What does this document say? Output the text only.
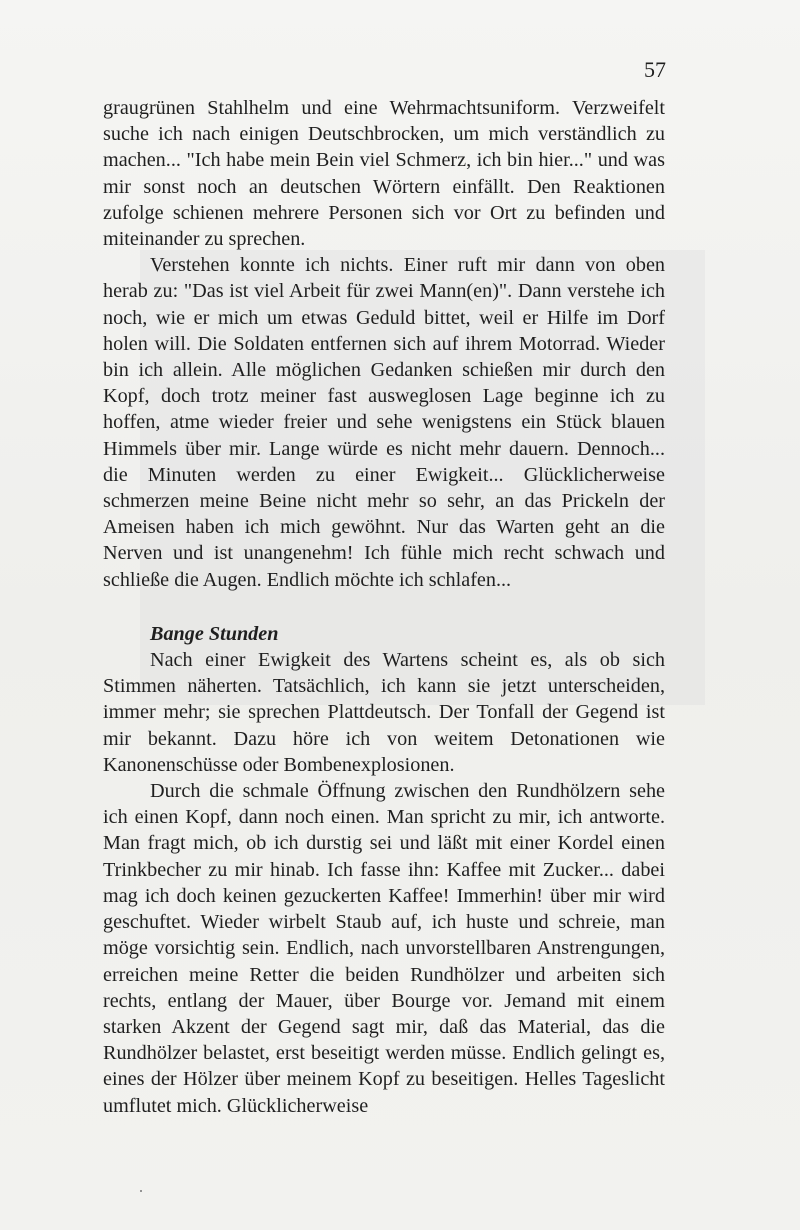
57

graugrünen Stahlhelm und eine Wehrmachtsuniform. Verzweifelt suche ich nach einigen Deutschbrocken, um mich verständlich zu machen... "Ich habe mein Bein viel Schmerz, ich bin hier..." und was mir sonst noch an deutschen Wörtern einfällt. Den Reaktionen zufolge schienen mehrere Personen sich vor Ort zu befinden und miteinander zu sprechen.

Verstehen konnte ich nichts. Einer ruft mir dann von oben herab zu: "Das ist viel Arbeit für zwei Mann(en)". Dann verstehe ich noch, wie er mich um etwas Geduld bittet, weil er Hilfe im Dorf holen will. Die Soldaten entfernen sich auf ihrem Motorrad. Wieder bin ich allein. Alle möglichen Gedanken schießen mir durch den Kopf, doch trotz meiner fast ausweglosen Lage beginne ich zu hoffen, atme wieder freier und sehe wenigstens ein Stück blauen Himmels über mir. Lange würde es nicht mehr dauern. Dennoch... die Minuten werden zu einer Ewigkeit... Glücklicherweise schmerzen meine Beine nicht mehr so sehr, an das Prickeln der Ameisen haben ich mich gewöhnt. Nur das Warten geht an die Nerven und ist unangenehm! Ich fühle mich recht schwach und schließe die Augen. Endlich möchte ich schlafen...

Bange Stunden

Nach einer Ewigkeit des Wartens scheint es, als ob sich Stimmen näherten. Tatsächlich, ich kann sie jetzt unterscheiden, immer mehr; sie sprechen Plattdeutsch. Der Tonfall der Gegend ist mir bekannt. Dazu höre ich von weitem Detonationen wie Kanonenschüsse oder Bombenexplosionen.

Durch die schmale Öffnung zwischen den Rundhölzern sehe ich einen Kopf, dann noch einen. Man spricht zu mir, ich antworte. Man fragt mich, ob ich durstig sei und läßt mit einer Kordel einen Trinkbecher zu mir hinab. Ich fasse ihn: Kaffee mit Zucker... dabei mag ich doch keinen gezuckerten Kaffee! Immerhin! über mir wird geschuftet. Wieder wirbelt Staub auf, ich huste und schreie, man möge vorsichtig sein. Endlich, nach unvorstellbaren Anstrengungen, erreichen meine Retter die beiden Rundhölzer und arbeiten sich rechts, entlang der Mauer, über Bourge vor. Jemand mit einem starken Akzent der Gegend sagt mir, daß das Material, das die Rundhölzer belastet, erst beseitigt werden müsse. Endlich gelingt es, eines der Hölzer über meinem Kopf zu beseitigen. Helles Tageslicht umflutet mich. Glücklicherweise
